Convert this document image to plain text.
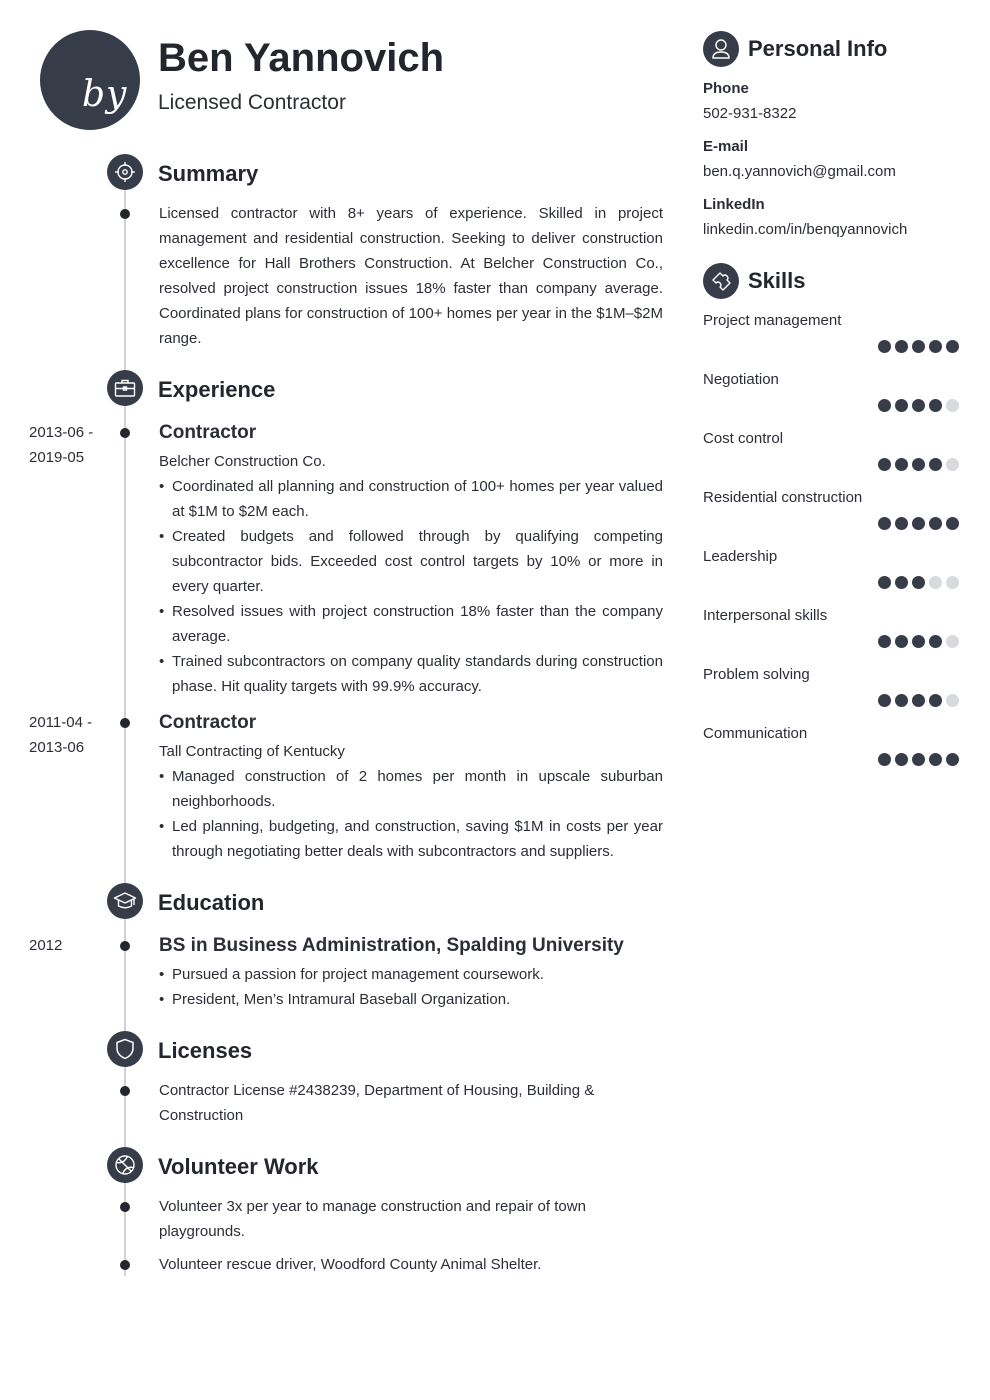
by
Ben Yannovich
Licensed Contractor
Summary
Licensed contractor with 8+ years of experience. Skilled in project management and residential construction. Seeking to deliver construction excellence for Hall Brothers Construction. At Belcher Construction Co., resolved project construction issues 18% faster than company average. Coordinated plans for construction of 100+ homes per year in the $1M–$2M range.
Experience
2013-06 - 2019-05
Contractor
Belcher Construction Co.
• Coordinated all planning and construction of 100+ homes per year valued at $1M to $2M each.
• Created budgets and followed through by qualifying competing subcontractor bids. Exceeded cost control targets by 10% or more in every quarter.
• Resolved issues with project construction 18% faster than the company average.
• Trained subcontractors on company quality standards during construction phase. Hit quality targets with 99.9% accuracy.
2011-04 - 2013-06
Contractor
Tall Contracting of Kentucky
• Managed construction of 2 homes per month in upscale suburban neighborhoods.
• Led planning, budgeting, and construction, saving $1M in costs per year through negotiating better deals with subcontractors and suppliers.
Education
2012	BS in Business Administration, Spalding University
• Pursued a passion for project management coursework.
• President, Men’s Intramural Baseball Organization.
Licenses
Contractor License #2438239, Department of Housing, Building & Construction
Volunteer Work
Volunteer 3x per year to manage construction and repair of town playgrounds.
Volunteer rescue driver, Woodford County Animal Shelter.
Personal Info
Phone
502-931-8322
E-mail
ben.q.yannovich@gmail.com
LinkedIn
linkedin.com/in/benqyannovich
Skills
Project management
Negotiation
Cost control
Residential construction
Leadership
Interpersonal skills
Problem solving
Communication
